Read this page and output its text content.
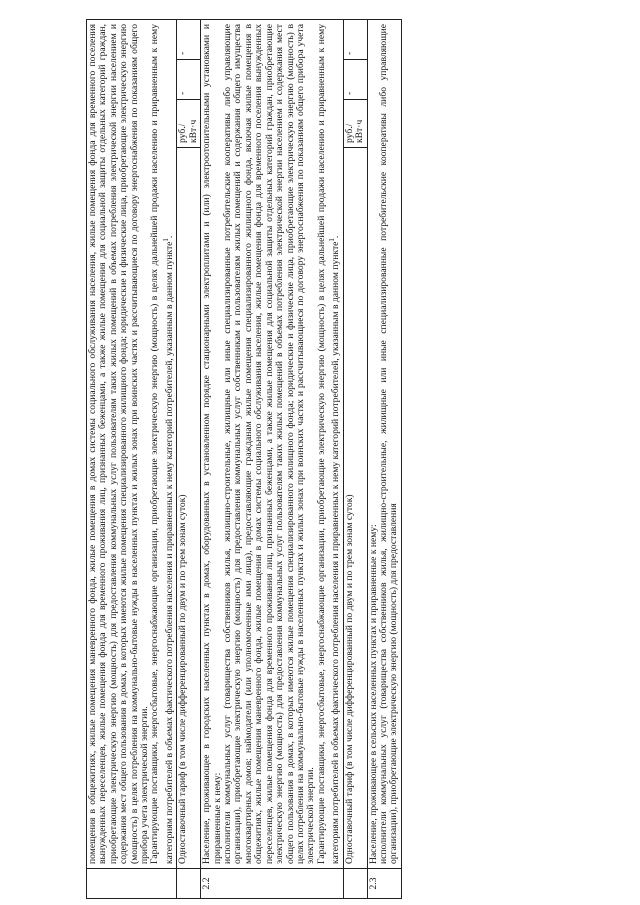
	помещения в общежитиях, жилые помещения маневренного фонда, жилые помещения в домах системы социального обслуживания населения, жилые помещения фонда для временного поселения вынужденных переселенцев, жилые помещения фонда для временного проживания лиц, признанных беженцами, а также жилые помещения для социальной защиты отдельных категорий граждан, приобретающие электрическую энергию (мощность) для предоставления коммунальных услуг пользователям таких жилых помещений в объемах потребления электрической энергии населением и содержания мест общего пользования в домах, в которых имеются жилые помещения специализированного жилищного фонда; юридические и физические лица, приобретающие электрическую энергию (мощность) в целях потребления на коммунально-бытовые нужды в населенных пунктах и жилых зонах при воинских частях и рассчитывающиеся по договору энергоснабжения по показаниям общего прибора учета электрической энергии. Гарантирующие поставщики, энергосбытовые, энергоснабжающие организации, приобретающие электрическую энергию (мощность) в целях дальнейшей продажи населению и приравненным к нему категориям потребителей в объемах фактического потребления населения и приравненных к нему категорий потребителей, указанным в данном пункте$^1$.			

	Одноставочный тариф (в том числе дифференцированный по двум и по трем зонам суток)	руб./кВт·ч	-	-
2.2	Население, проживающее в городских населенных пунктах в домах, оборудованных в установленном порядке стационарными электроплитами и (или) электроотопительными установками и приравненные к нему: исполнители коммунальных услуг (товарищества собственников жилья, жилищно-строительные, жилищные или иные специализированные потребительские кооперативы либо управляющие организации), приобретающие электрическую энергию (мощность) для предоставления коммунальных услуг собственникам и пользователям жилых помещений и содержания общего имущества многоквартирных домов; наймодатели (или уполномоченные ими лица), предоставляющие гражданам жилые помещения специализированного жилищного фонда, включая жилые помещения в общежитиях, жилые помещения маневренного фонда, жилые помещения в домах системы социального обслуживания населения, жилые помещения фонда для временного поселения вынужденных переселенцев, жилые помещения фонда для временного проживания лиц, признанных беженцами, а также жилые помещения для социальной защиты отдельных категорий граждан, приобретающие электрическую энергию (мощность) для предоставления коммунальных услуг пользователям таких жилых помещений в объемах потребления электрической энергии населением и содержания мест общего пользования в домах, в которых имеются жилые помещения специализированного жилищного фонда; юридические и физические лица, приобретающие электрическую энергию (мощность) в целях потребления на коммунально-бытовые нужды в населенных пунктах и жилых зонах при воинских частях и рассчитывающиеся по договору энергоснабжения по показаниям общего прибора учета электрической энергии. Гарантирующие поставщики, энергосбытовые, энергоснабжающие организации, приобретающие электрическую энергию (мощность) в целях дальнейшей продажи населению и приравненным к нему категориям потребителей в объемах фактического потребления населения и приравненных к нему категорий потребителей, указанным в данном пункте$^1$.			

	Одноставочный тариф (в том числе дифференцированный по двум и по трем зонам суток)	руб./кВт·ч	-	-
2.3	Население, проживающее в сельских населенных пунктах и приравненные к нему: исполнители коммунальных услуг (товарищества собственников жилья, жилищно-строительные, жилищные или иные специализированные потребительские кооперативы либо управляющие организации), приобретающие электрическую энергию (мощность) для предоставления			
